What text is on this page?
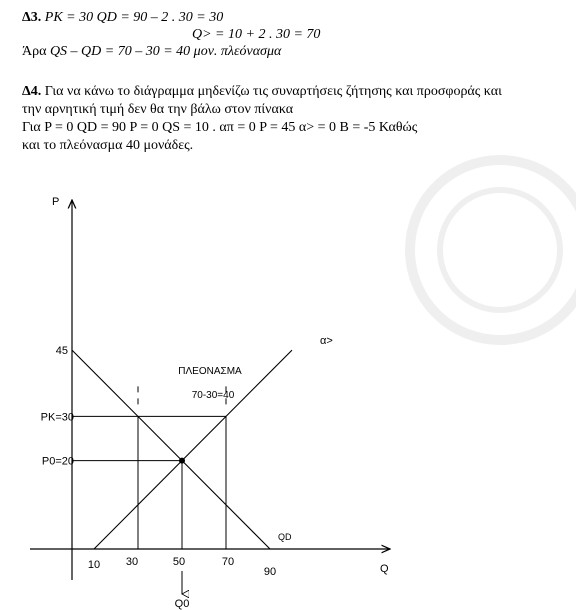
Δ3. PK = 30 QD = 90 – 2 . 30 = 30
Q> = 10 + 2 . 30 = 70
Άρα QS – QD = 70 – 30 = 40 μον. πλεόνασμα
Δ4. Για να κάνω το διάγραμμα μηδενίζω τις συναρτήσεις ζήτησης και προσφοράς και
την αρνητική τιμή δεν θα την βάλω στον πίνακα
Για P = 0 QD = 90 P = 0 QS = 10 . απ = 0 P = 45 α> = 0 B = -5 Καθώς
και το πλεόνασμα 40 μονάδες.
P
Q
Q0
45
PK=30
P0=20
10 30	50	70
90
α>
QD
ΠΛΕΟΝΑΣΜΑ
70-30=40
